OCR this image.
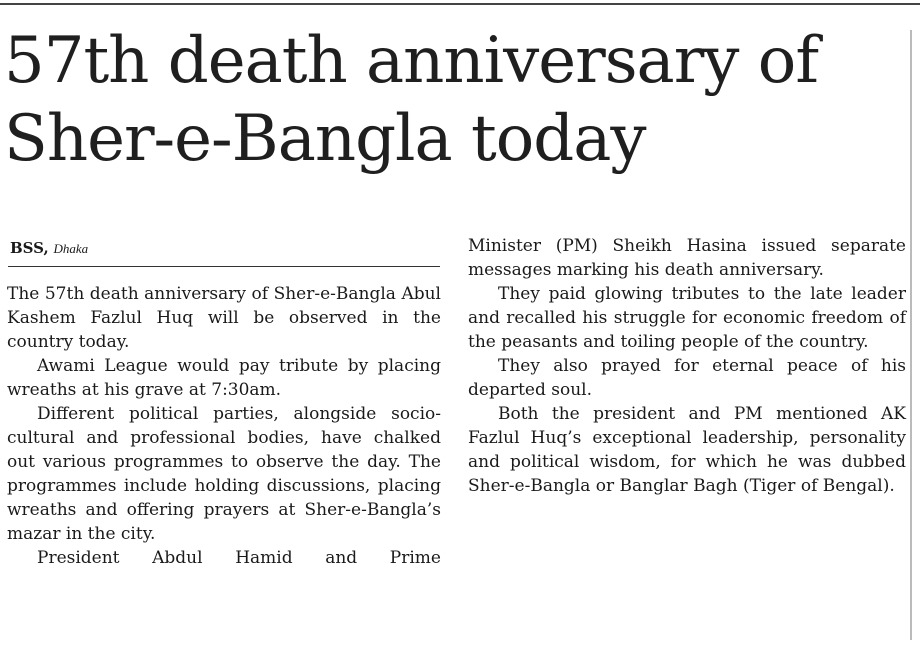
57th death anniversary of Sher-e-Bangla today
BSS, Dhaka

The 57th death anniversary of Sher-e-Bangla Abul Kashem Fazlul Huq will be observed in the country today.

Awami League would pay tribute by placing wreaths at his grave at 7:30am.

Different political parties, alongside socio-cultural and professional bodies, have chalked out various programmes to observe the day. The programmes include holding discussions, placing wreaths and offering prayers at Sher-e-Bangla’s mazar in the city.

President Abdul Hamid and Prime

Minister (PM) Sheikh Hasina issued separate messages marking his death anniversary.

They paid glowing tributes to the late leader and recalled his struggle for economic freedom of the peasants and toiling people of the country.

They also prayed for eternal peace of his departed soul.

Both the president and PM mentioned AK Fazlul Huq’s exceptional leadership, personality and political wisdom, for which he was dubbed Sher-e-Bangla or Banglar Bagh (Tiger of Bengal).
